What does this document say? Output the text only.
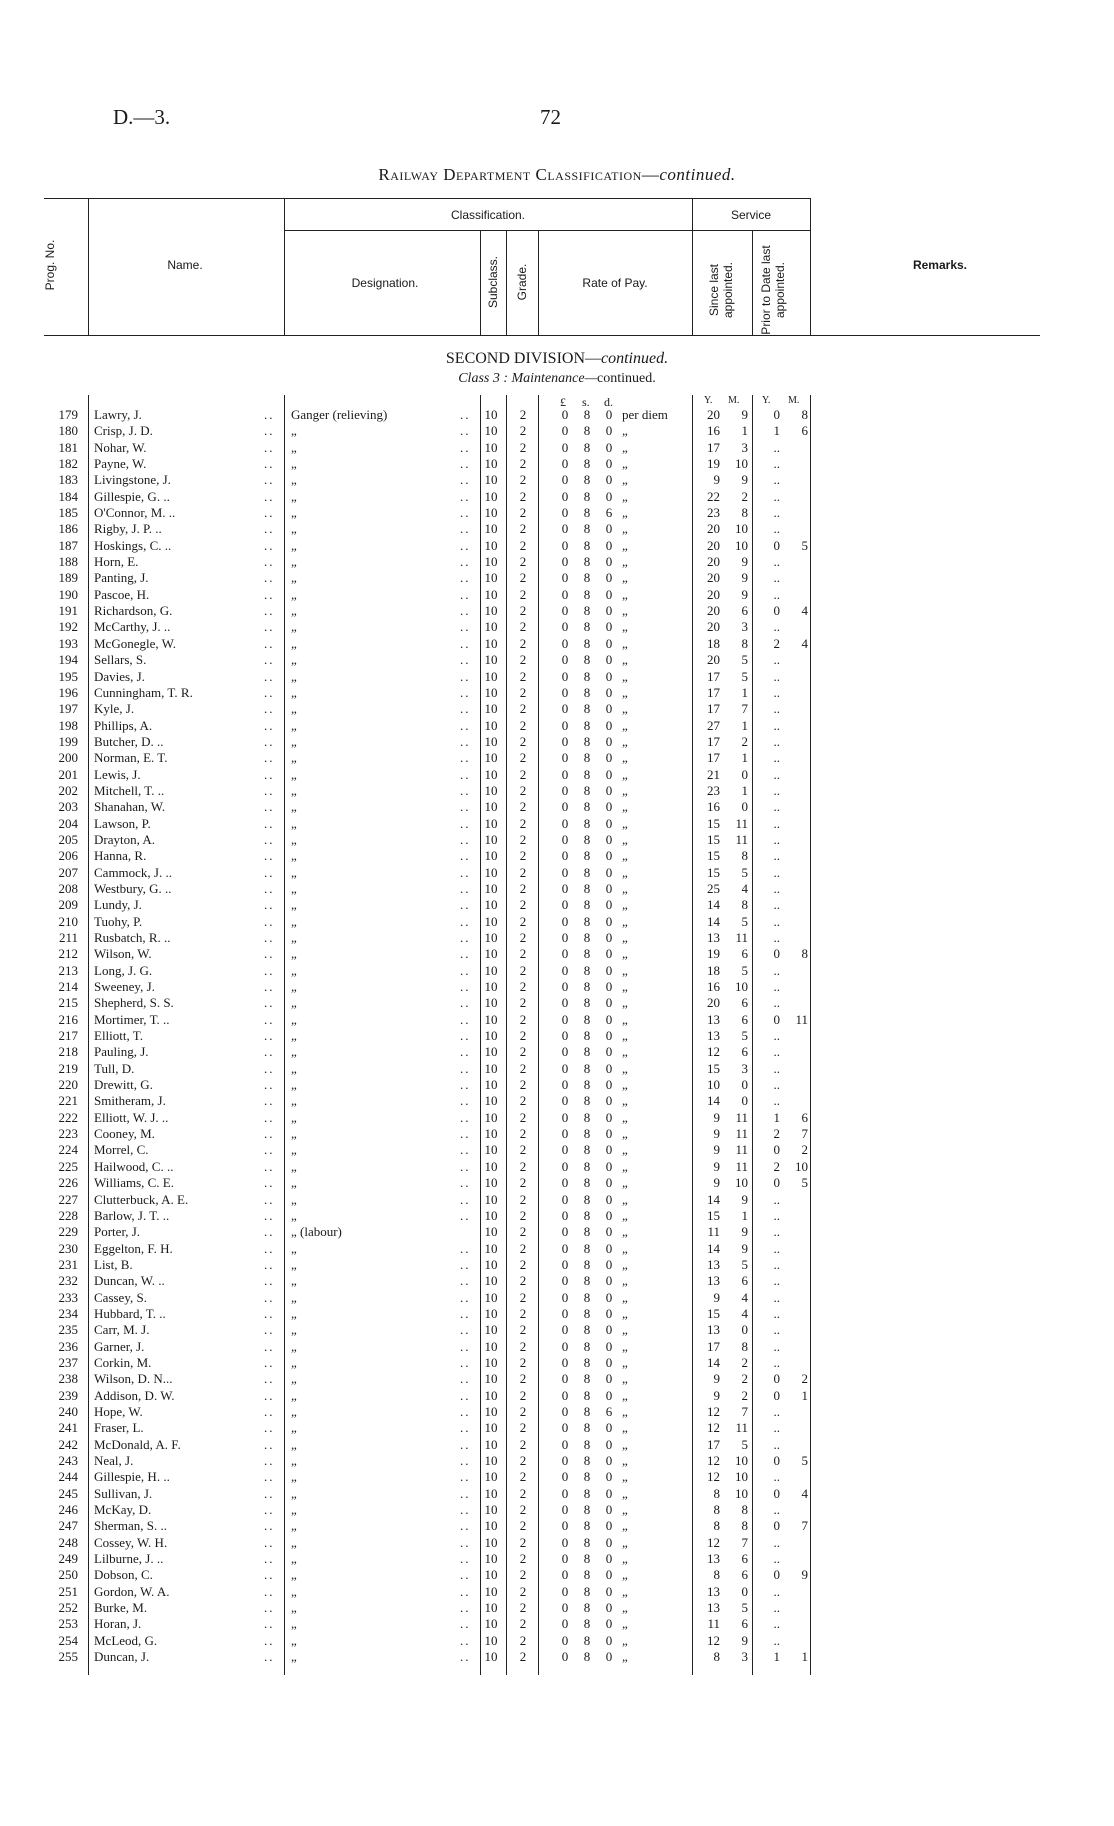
D.—3.	72
Railway Department Classification—continued.
Prog. No.	Name.
Classification.
Designation.	Subclass. Grade.	Rate of Pay.
Service
Since last appointed. Prior to Date last appointed.	Remarks.
SECOND DIVISION—continued.
Class 3 : Maintenance—continued.
£ s. d.	Y. M. Y. M.
179 Lawry, J.	.. Ganger (relieving)	..	10	2	0 8 0 per diem	20	9	0	8
180 Crisp, J. D.	.. „	..	10	2	0 8 0 „	16	1	1	6
181 Nohar, W.	.. „	..	10	2	0 8 0 „	17	3	..
182 Payne, W.	.. „	..	10	2	0 8 0 „	19	10	..
183 Livingstone, J.	.. „	..	10	2	0 8 0 „	9	9	..
184 Gillespie, G. ..	.. „	..	10	2	0 8 0 „	22	2	..
185 O'Connor, M. ..	.. „	..	10	2	0 8 6 „	23	8	..
186 Rigby, J. P. ..	.. „	..	10	2	0 8 0 „	20	10	..
187 Hoskings, C. ..	.. „	..	10	2	0 8 0 „	20	10	0	5
188 Horn, E.	.. „	..	10	2	0 8 0 „	20	9	..
189 Panting, J.	.. „	..	10	2	0 8 0 „	20	9	..
190 Pascoe, H.	.. „	..	10	2	0 8 0 „	20	9	..
191 Richardson, G.	.. „	..	10	2	0 8 0 „	20	6	0	4
192 McCarthy, J. ..	.. „	..	10	2	0 8 0 „	20	3	..
193 McGonegle, W.	.. „	..	10	2	0 8 0 „	18	8	2	4
194 Sellars, S.	.. „	..	10	2	0 8 0 „	20	5	..
195 Davies, J.	.. „	..	10	2	0 8 0 „	17	5	..
196 Cunningham, T. R.	.. „	..	10	2	0 8 0 „	17	1	..
197 Kyle, J.	.. „	..	10	2	0 8 0 „	17	7	..
198 Phillips, A.	.. „	..	10	2	0 8 0 „	27	1	..
199 Butcher, D. ..	.. „	..	10	2	0 8 0 „	17	2	..
200 Norman, E. T.	.. „	..	10	2	0 8 0 „	17	1	..
201 Lewis, J.	.. „	..	10	2	0 8 0 „	21	0	..
202 Mitchell, T. ..	.. „	..	10	2	0 8 0 „	23	1	..
203 Shanahan, W.	.. „	..	10	2	0 8 0 „	16	0	..
204 Lawson, P.	.. „	..	10	2	0 8 0 „	15	11	..
205 Drayton, A.	.. „	..	10	2	0 8 0 „	15	11	..
206 Hanna, R.	.. „	..	10	2	0 8 0 „	15	8	..
207 Cammock, J. ..	.. „	..	10	2	0 8 0 „	15	5	..
208 Westbury, G. ..	.. „	..	10	2	0 8 0 „	25	4	..
209 Lundy, J.	.. „	..	10	2	0 8 0 „	14	8	..
210 Tuohy, P.	.. „	..	10	2	0 8 0 „	14	5	..
211 Rusbatch, R. ..	.. „	..	10	2	0 8 0 „	13	11	..
212 Wilson, W.	.. „	..	10	2	0 8 0 „	19	6	0	8
213 Long, J. G.	.. „	..	10	2	0 8 0 „	18	5	..
214 Sweeney, J.	.. „	..	10	2	0 8 0 „	16	10	..
215 Shepherd, S. S.	.. „	..	10	2	0 8 0 „	20	6	..
216 Mortimer, T. ..	.. „	..	10	2	0 8 0 „	13	6	0	11
217 Elliott, T.	.. „	..	10	2	0 8 0 „	13	5	..
218 Pauling, J.	.. „	..	10	2	0 8 0 „	12	6	..
219 Tull, D.	.. „	..	10	2	0 8 0 „	15	3	..
220 Drewitt, G.	.. „	..	10	2	0 8 0 „	10	0	..
221 Smitheram, J.	.. „	..	10	2	0 8 0 „	14	0	..
222 Elliott, W. J. ..	.. „	..	10	2	0 8 0 „	9	11	1	6
223 Cooney, M.	.. „	..	10	2	0 8 0 „	9	11	2	7
224 Morrel, C.	.. „	..	10	2	0 8 0 „	9	11	0	2
225 Hailwood, C. ..	.. „	..	10	2	0 8 0 „	9	11	2	10
226 Williams, C. E.	.. „	..	10	2	0 8 0 „	9	10	0	5
227 Clutterbuck, A. E.	.. „	..	10	2	0 8 0 „	14	9	..
228 Barlow, J. T. ..	.. „	..	10	2	0 8 0 „	15	1	..
229 Porter, J.	.. „ (labour)	10	2	0 8 0 „	11	9	..
230 Eggelton, F. H.	.. „	..	10	2	0 8 0 „	14	9	..
231 List, B.	.. „	..	10	2	0 8 0 „	13	5	..
232 Duncan, W. ..	.. „	..	10	2	0 8 0 „	13	6	..
233 Cassey, S.	.. „	..	10	2	0 8 0 „	9	4	..
234 Hubbard, T. ..	.. „	..	10	2	0 8 0 „	15	4	..
235 Carr, M. J.	.. „	..	10	2	0 8 0 „	13	0	..
236 Garner, J.	.. „	..	10	2	0 8 0 „	17	8	..
237 Corkin, M.	.. „	..	10	2	0 8 0 „	14	2	..
238 Wilson, D. N...	.. „	..	10	2	0 8 0 „	9	2	0	2
239 Addison, D. W.	.. „	..	10	2	0 8 0 „	9	2	0	1
240 Hope, W.	.. „	..	10	2	0 8 6 „	12	7	..
241 Fraser, L.	.. „	..	10	2	0 8 0 „	12	11	..
242 McDonald, A. F.	.. „	..	10	2	0 8 0 „	17	5	..
243 Neal, J.	.. „	..	10	2	0 8 0 „	12	10	0	5
244 Gillespie, H. ..	.. „	..	10	2	0 8 0 „	12	10	..
245 Sullivan, J.	.. „	..	10	2	0 8 0 „	8	10	0	4
246 McKay, D.	.. „	..	10	2	0 8 0 „	8	8	..
247 Sherman, S. ..	.. „	..	10	2	0 8 0 „	8	8	0	7
248 Cossey, W. H.	.. „	..	10	2	0 8 0 „	12	7	..
249 Lilburne, J. ..	.. „	..	10	2	0 8 0 „	13	6	..
250 Dobson, C.	.. „	..	10	2	0 8 0 „	8	6	0	9
251 Gordon, W. A.	.. „	..	10	2	0 8 0 „	13	0	..
252 Burke, M.	.. „	..	10	2	0 8 0 „	13	5	..
253 Horan, J.	.. „	..	10	2	0 8 0 „	11	6	..
254 McLeod, G.	.. „	..	10	2	0 8 0 „	12	9	..
255 Duncan, J.	.. „	..	10	2	0 8 0 „	8	3	1	1
